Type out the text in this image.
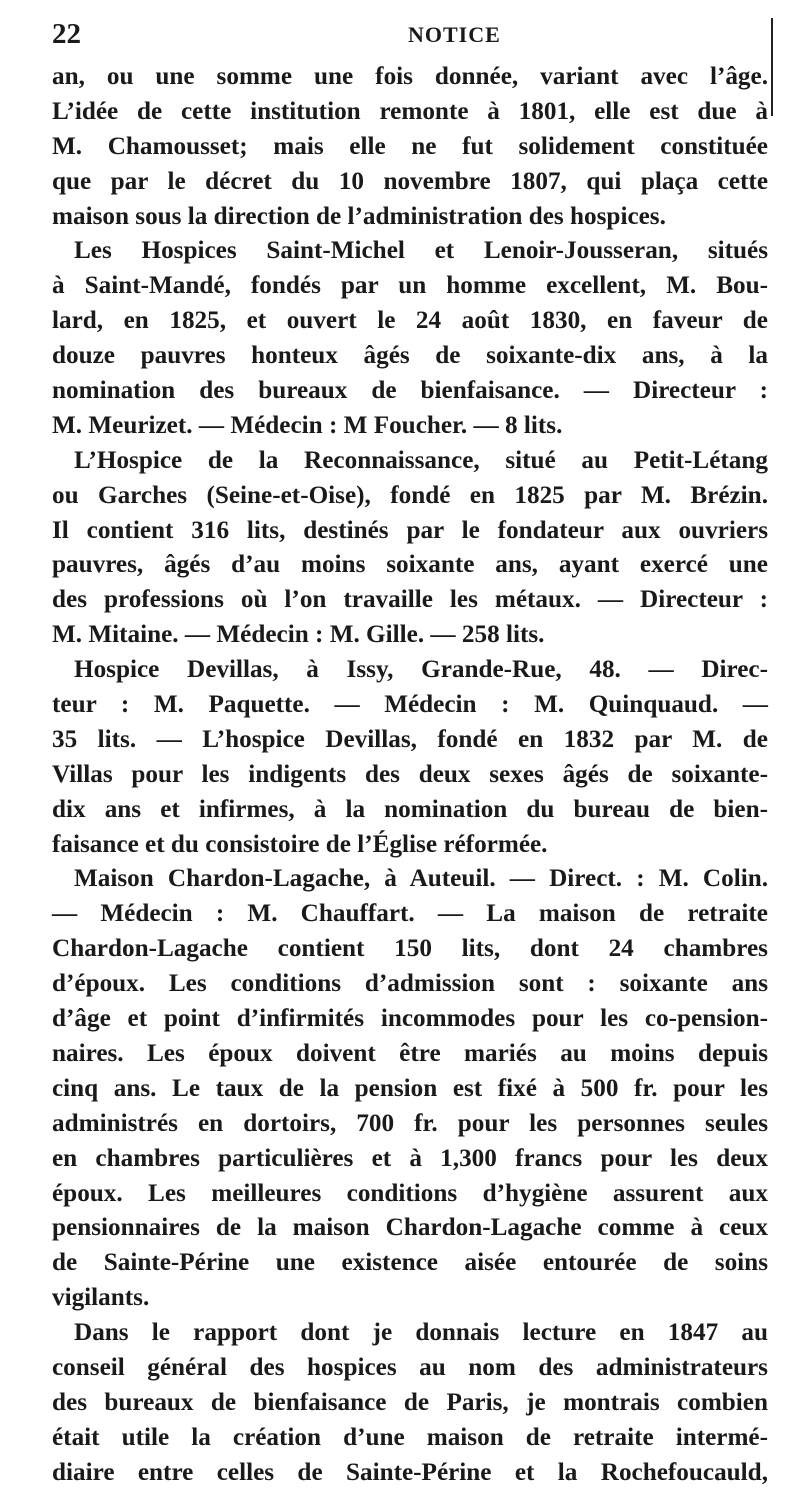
22	NOTICE
an, ou une somme une fois donnée, variant avec l’âge.
L’idée de cette institution remonte à 1801, elle est due à
M. Chamousset; mais elle ne fut solidement constituée
que par le décret du 10 novembre 1807, qui plaça cette
maison sous la direction de l’administration des hospices.
Les Hospices Saint-Michel et Lenoir-Jousseran, situés
à Saint-Mandé, fondés par un homme excellent, M. Bou-
lard, en 1825, et ouvert le 24 août 1830, en faveur de
douze pauvres honteux âgés de soixante-dix ans, à la
nomination des bureaux de bienfaisance. — Directeur :
M. Meurizet. — Médecin : M Foucher. — 8 lits.
L’Hospice de la Reconnaissance, situé au Petit-Létang
ou Garches (Seine-et-Oise), fondé en 1825 par M. Brézin.
Il contient 316 lits, destinés par le fondateur aux ouvriers
pauvres, âgés d’au moins soixante ans, ayant exercé une
des professions où l’on travaille les métaux. — Directeur :
M. Mitaine. — Médecin : M. Gille. — 258 lits.
Hospice Devillas, à Issy, Grande-Rue, 48. — Direc-
teur : M. Paquette. — Médecin : M. Quinquaud. —
35 lits. — L’hospice Devillas, fondé en 1832 par M. de
Villas pour les indigents des deux sexes âgés de soixante-
dix ans et infirmes, à la nomination du bureau de bien-
faisance et du consistoire de l’Église réformée.
Maison Chardon-Lagache, à Auteuil. — Direct. : M. Colin.
— Médecin : M. Chauffart. — La maison de retraite
Chardon-Lagache contient 150 lits, dont 24 chambres
d’époux. Les conditions d’admission sont : soixante ans
d’âge et point d’infirmités incommodes pour les co-pension-
naires. Les époux doivent être mariés au moins depuis
cinq ans. Le taux de la pension est fixé à 500 fr. pour les
administrés en dortoirs, 700 fr. pour les personnes seules
en chambres particulières et à 1,300 francs pour les deux
époux. Les meilleures conditions d’hygiène assurent aux
pensionnaires de la maison Chardon-Lagache comme à ceux
de Sainte-Périne une existence aisée entourée de soins
vigilants.
Dans le rapport dont je donnais lecture en 1847 au
conseil général des hospices au nom des administrateurs
des bureaux de bienfaisance de Paris, je montrais combien
était utile la création d’une maison de retraite intermé-
diaire entre celles de Sainte-Périne et la Rochefoucauld,
